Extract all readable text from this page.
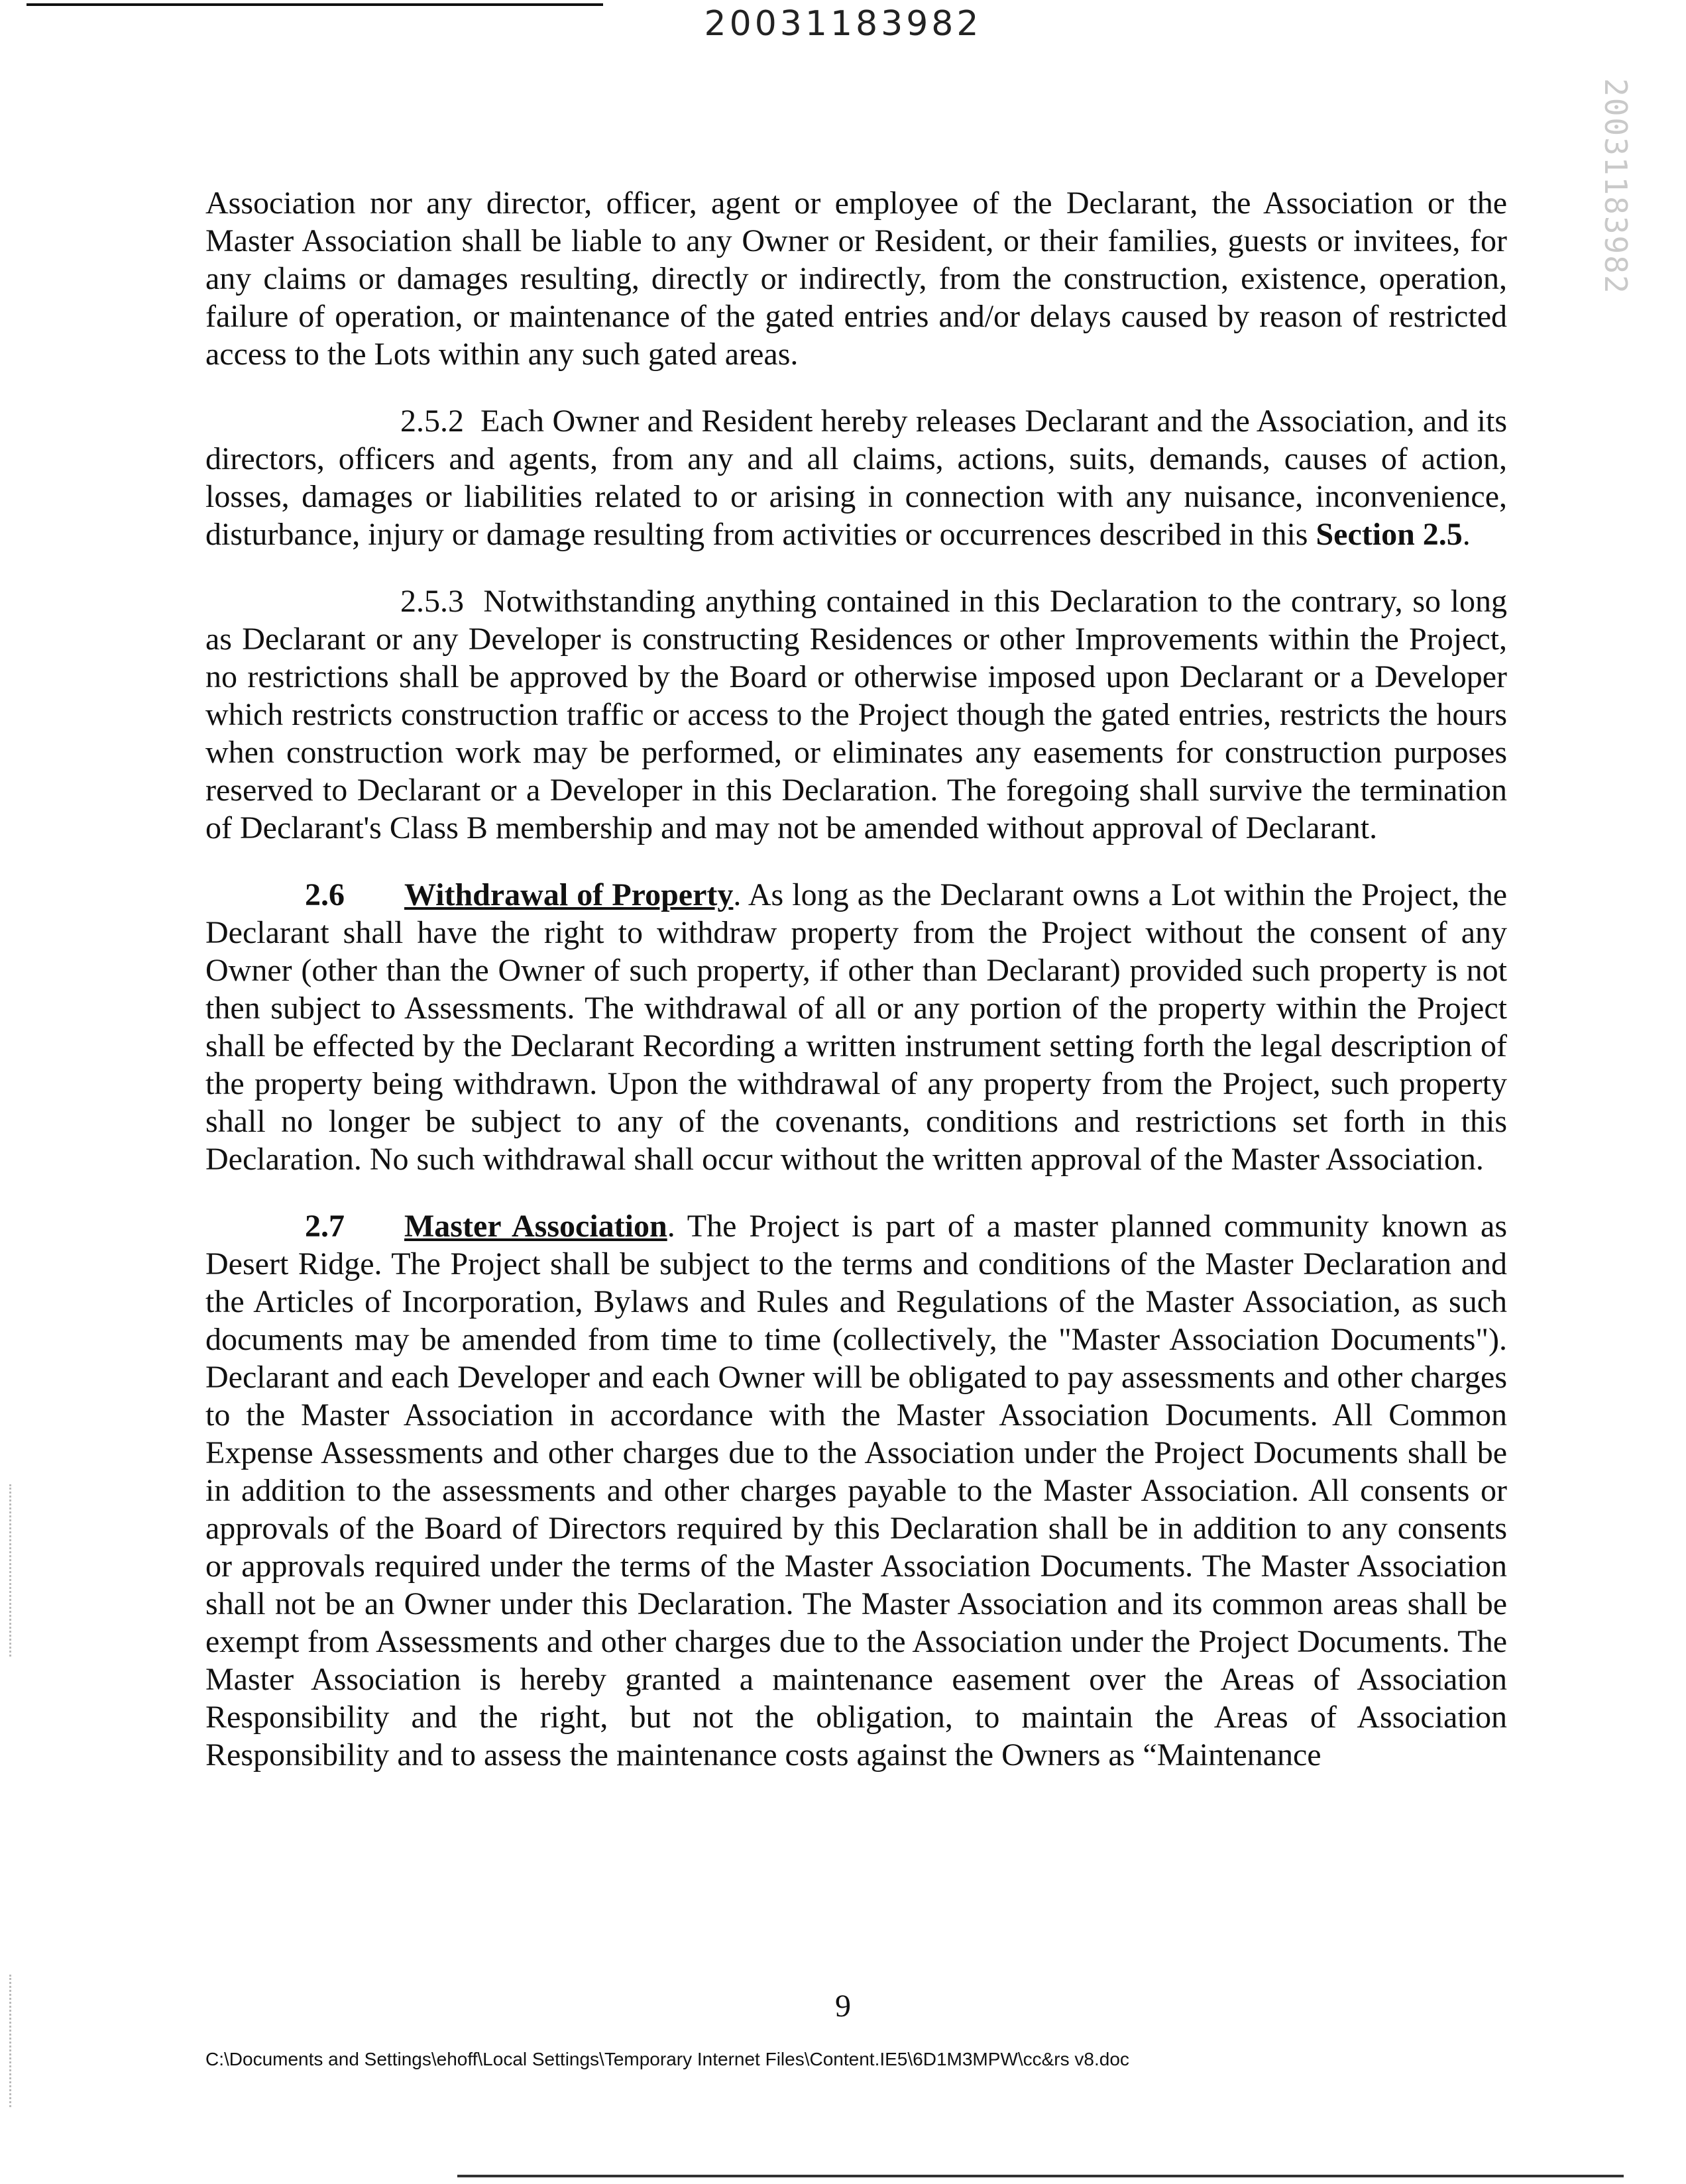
20031183982
20031183982

Association nor any director, officer, agent or employee of the Declarant, the Association or the Master Association shall be liable to any Owner or Resident, or their families, guests or invitees, for any claims or damages resulting, directly or indirectly, from the construction, existence, operation, failure of operation, or maintenance of the gated entries and/or delays caused by reason of restricted access to the Lots within any such gated areas.

2.5.2 Each Owner and Resident hereby releases Declarant and the Association, and its directors, officers and agents, from any and all claims, actions, suits, demands, causes of action, losses, damages or liabilities related to or arising in connection with any nuisance, inconvenience, disturbance, injury or damage resulting from activities or occurrences described in this Section 2.5.

2.5.3 Notwithstanding anything contained in this Declaration to the contrary, so long as Declarant or any Developer is constructing Residences or other Improvements within the Project, no restrictions shall be approved by the Board or otherwise imposed upon Declarant or a Developer which restricts construction traffic or access to the Project though the gated entries, restricts the hours when construction work may be performed, or eliminates any easements for construction purposes reserved to Declarant or a Developer in this Declaration. The foregoing shall survive the termination of Declarant's Class B membership and may not be amended without approval of Declarant.

2.6 Withdrawal of Property. As long as the Declarant owns a Lot within the Project, the Declarant shall have the right to withdraw property from the Project without the consent of any Owner (other than the Owner of such property, if other than Declarant) provided such property is not then subject to Assessments. The withdrawal of all or any portion of the property within the Project shall be effected by the Declarant Recording a written instrument setting forth the legal description of the property being withdrawn. Upon the withdrawal of any property from the Project, such property shall no longer be subject to any of the covenants, conditions and restrictions set forth in this Declaration. No such withdrawal shall occur without the written approval of the Master Association.

2.7 Master Association. The Project is part of a master planned community known as Desert Ridge. The Project shall be subject to the terms and conditions of the Master Declaration and the Articles of Incorporation, Bylaws and Rules and Regulations of the Master Association, as such documents may be amended from time to time (collectively, the "Master Association Documents"). Declarant and each Developer and each Owner will be obligated to pay assessments and other charges to the Master Association in accordance with the Master Association Documents. All Common Expense Assessments and other charges due to the Association under the Project Documents shall be in addition to the assessments and other charges payable to the Master Association. All consents or approvals of the Board of Directors required by this Declaration shall be in addition to any consents or approvals required under the terms of the Master Association Documents. The Master Association shall not be an Owner under this Declaration. The Master Association and its common areas shall be exempt from Assessments and other charges due to the Association under the Project Documents. The Master Association is hereby granted a maintenance easement over the Areas of Association Responsibility and the right, but not the obligation, to maintain the Areas of Association Responsibility and to assess the maintenance costs against the Owners as “Maintenance

9
C:\Documents and Settings\ehoff\Local Settings\Temporary Internet Files\Content.IE5\6D1M3MPW\cc&rs v8.doc
